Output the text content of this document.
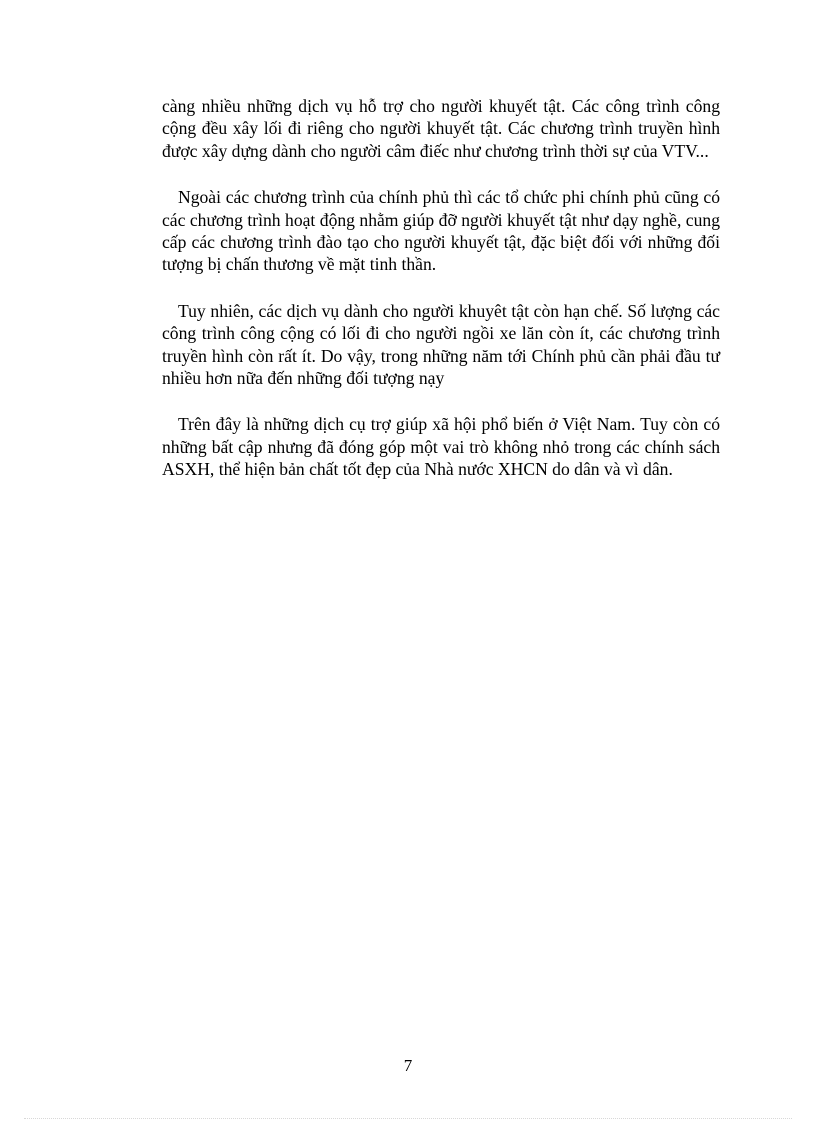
càng nhiều những dịch vụ hỗ trợ cho người khuyết tật. Các công trình công cộng đều xây lối đi riêng cho người khuyết tật. Các chương trình truyền hình được xây dựng dành cho người câm điếc như chương trình thời sự của VTV...

Ngoài các chương trình của chính phủ thì các tổ chức phi chính phủ cũng có các chương trình hoạt động nhằm giúp đỡ người khuyết tật như dạy nghề, cung cấp các chương trình đào tạo cho người khuyết tật, đặc biệt đối với những đối tượng bị chấn thương về mặt tinh thần.

Tuy nhiên, các dịch vụ dành cho người khuyêt tật còn hạn chế. Số lượng các công trình công cộng có lối đi cho người ngồi xe lăn còn ít, các chương trình truyền hình còn rất ít. Do vậy, trong những năm tới Chính phủ cần phải đầu tư nhiều hơn nữa đến những đối tượng nạy

Trên đây là những dịch cụ trợ giúp xã hội phổ biến ở Việt Nam. Tuy còn có những bất cập nhưng đã đóng góp một vai trò không nhỏ trong các chính sách ASXH, thể hiện bản chất tốt đẹp của Nhà nước XHCN do dân và vì dân.

7
